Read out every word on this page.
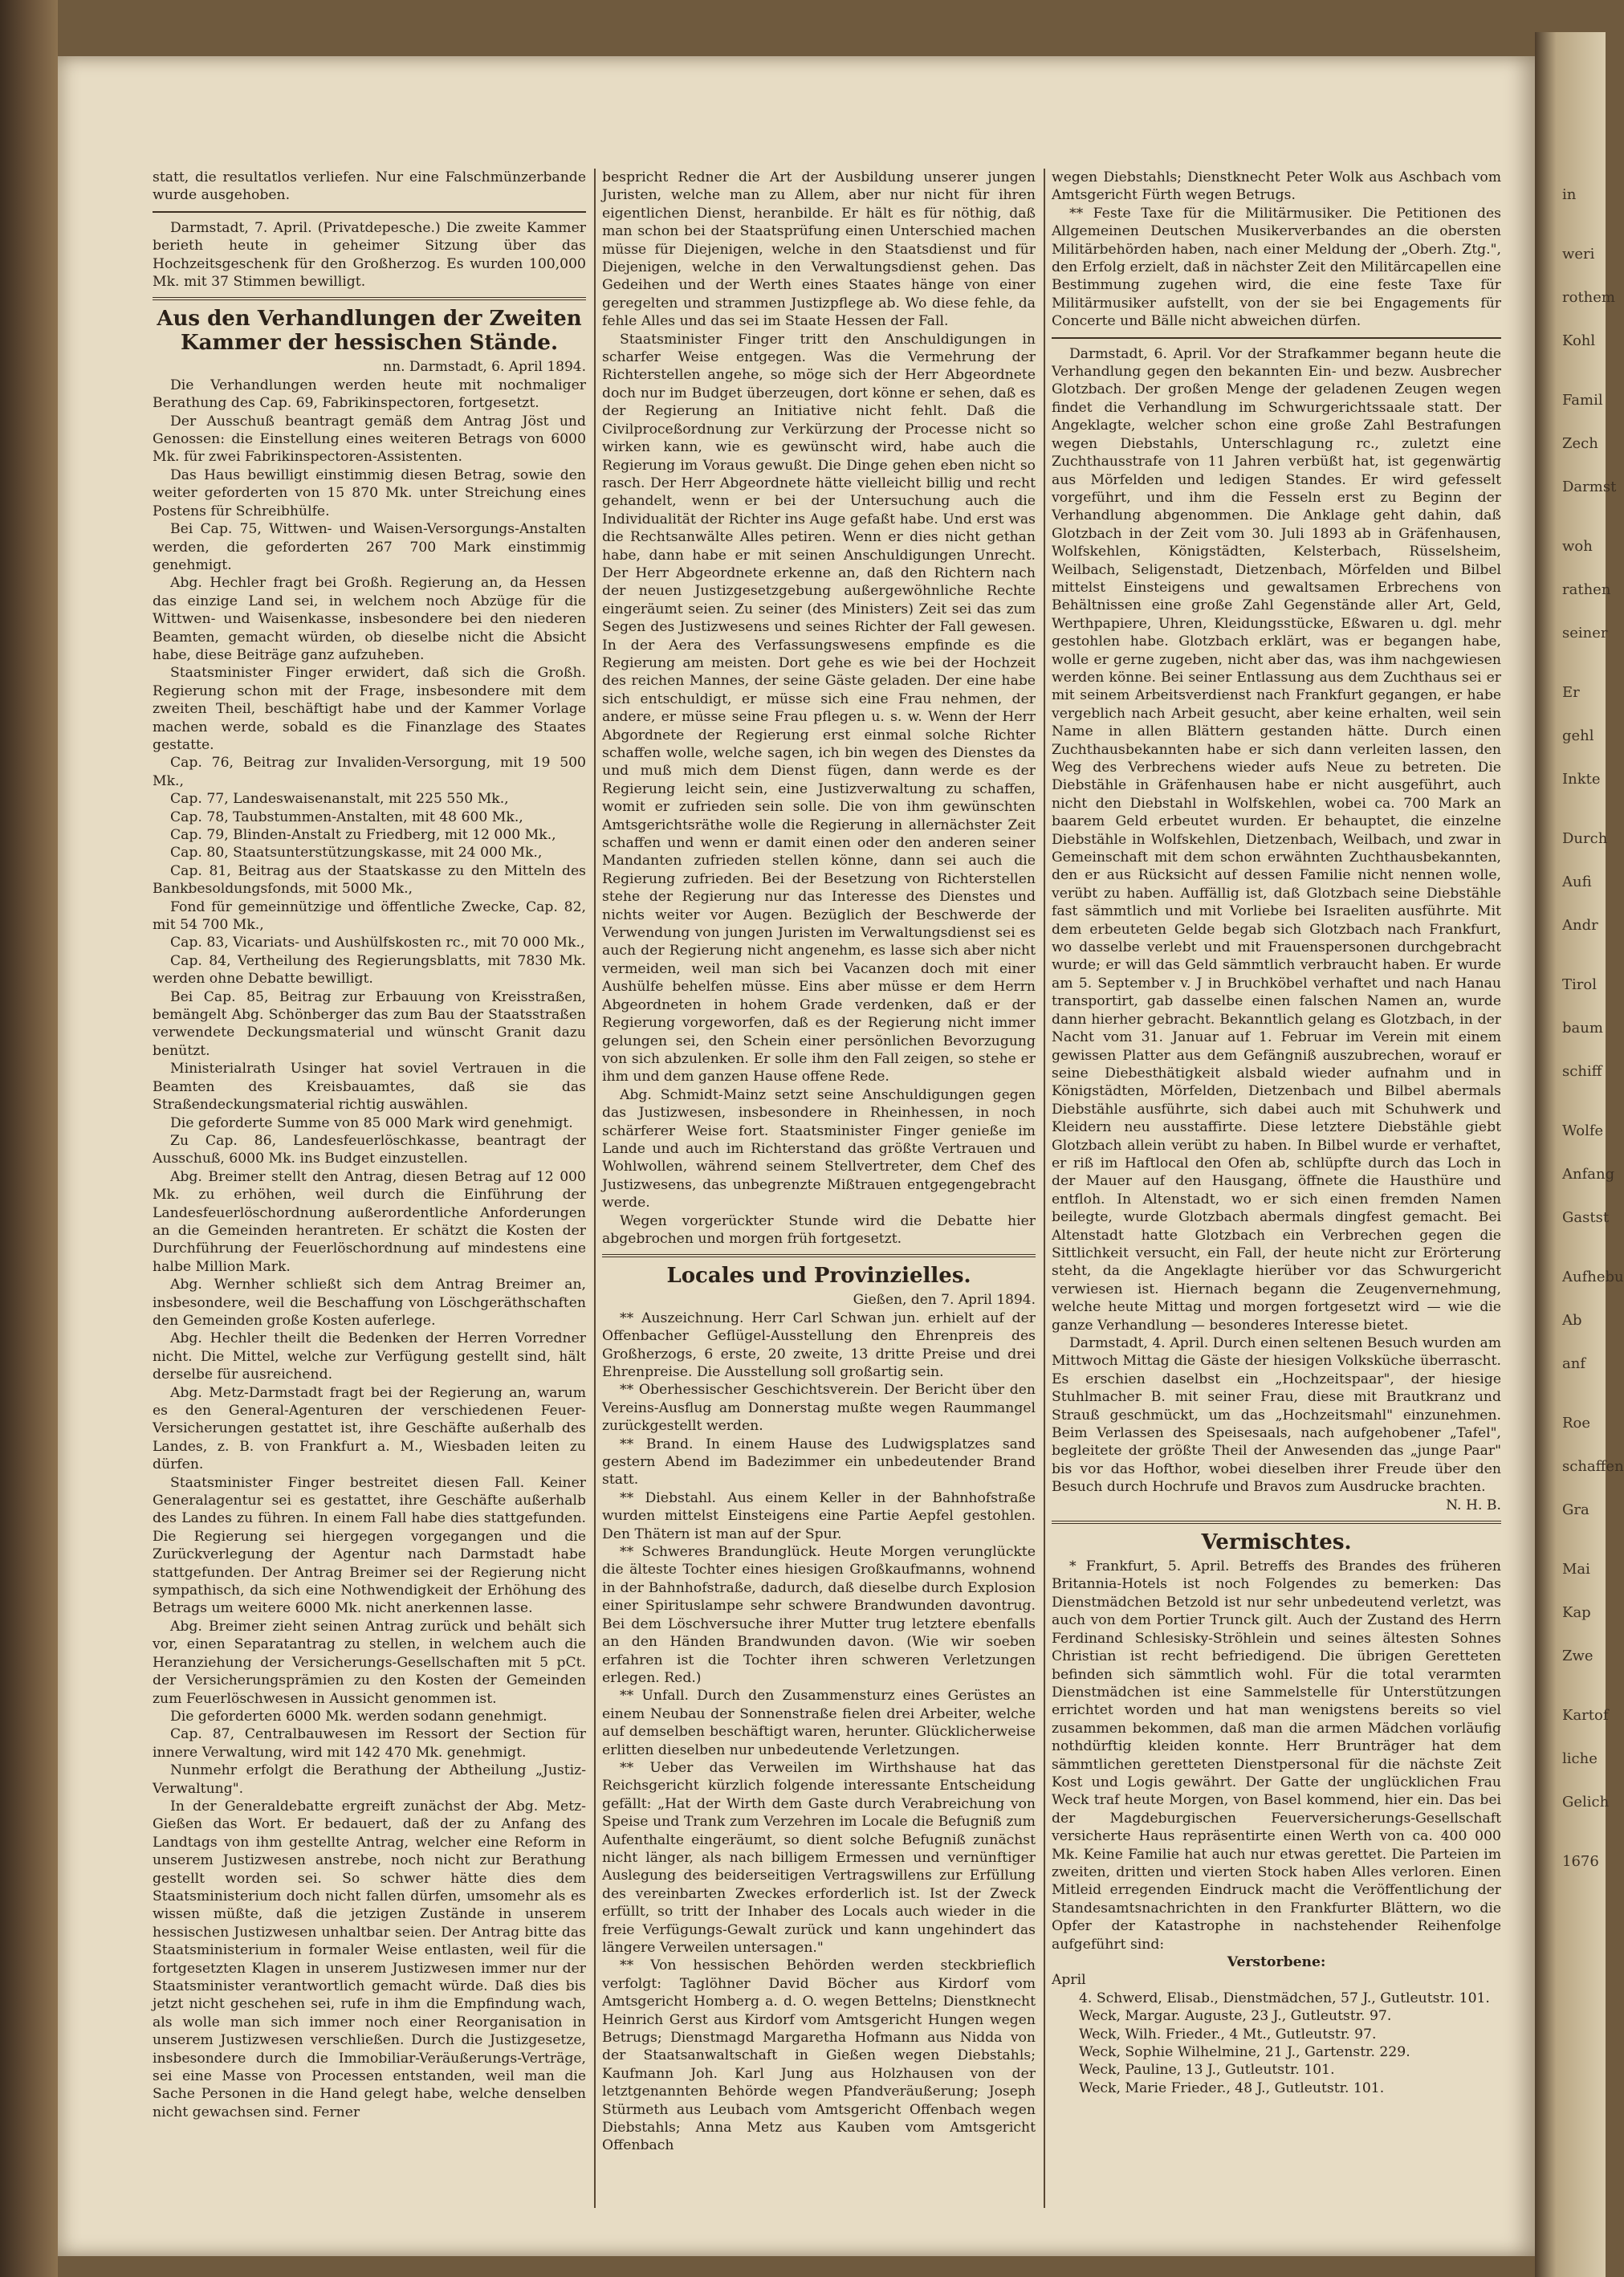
statt, die resultatlos verliefen. Nur eine Falschmünzerbande wurde ausgehoben.

Darmstadt, 7. April. (Privatdepesche.) Die zweite Kammer berieth heute in geheimer Sitzung über das Hochzeitsgeschenk für den Großherzog. Es wurden 100,000 Mk. mit 37 Stimmen bewilligt.

Aus den Verhandlungen der Zweiten Kammer der hessischen Stände.

nn. Darmstadt, 6. April 1894.

Die Verhandlungen werden heute mit nochmaliger Berathung des Cap. 69, Fabrikinspectoren, fortgesetzt.

Der Ausschuß beantragt gemäß dem Antrag Jöst und Genossen: die Einstellung eines weiteren Betrags von 6000 Mk. für zwei Fabrikinspectoren-Assistenten.

Das Haus bewilligt einstimmig diesen Betrag, sowie den weiter geforderten von 15 870 Mk. unter Streichung eines Postens für Schreibhülfe.

Bei Cap. 75, Wittwen- und Waisen-Versorgungs-Anstalten werden, die geforderten 267 700 Mark einstimmig genehmigt.

Abg. Hechler fragt bei Großh. Regierung an, da Hessen das einzige Land sei, in welchem noch Abzüge für die Wittwen- und Waisenkasse, insbesondere bei den niederen Beamten, gemacht würden, ob dieselbe nicht die Absicht habe, diese Beiträge ganz aufzuheben.

Staatsminister Finger erwidert, daß sich die Großh. Regierung schon mit der Frage, insbesondere mit dem zweiten Theil, beschäftigt habe und der Kammer Vorlage machen werde, sobald es die Finanzlage des Staates gestatte.

Cap. 76, Beitrag zur Invaliden-Versorgung, mit 19 500 Mk.,

Cap. 77, Landeswaisenanstalt, mit 225 550 Mk.,

Cap. 78, Taubstummen-Anstalten, mit 48 600 Mk.,

Cap. 79, Blinden-Anstalt zu Friedberg, mit 12 000 Mk.,

Cap. 80, Staatsunterstützungskasse, mit 24 000 Mk.,

Cap. 81, Beitrag aus der Staatskasse zu den Mitteln des Bankbesoldungsfonds, mit 5000 Mk.,

Fond für gemeinnützige und öffentliche Zwecke, Cap. 82, mit 54 700 Mk.,

Cap. 83, Vicariats- und Aushülfskosten rc., mit 70 000 Mk.,

Cap. 84, Vertheilung des Regierungsblatts, mit 7830 Mk. werden ohne Debatte bewilligt.

Bei Cap. 85, Beitrag zur Erbauung von Kreisstraßen, bemängelt Abg. Schönberger das zum Bau der Staatsstraßen verwendete Deckungsmaterial und wünscht Granit dazu benützt.

Ministerialrath Usinger hat soviel Vertrauen in die Beamten des Kreisbauamtes, daß sie das Straßendeckungsmaterial richtig auswählen.

Die geforderte Summe von 85 000 Mark wird genehmigt.

Zu Cap. 86, Landesfeuerlöschkasse, beantragt der Ausschuß, 6000 Mk. ins Budget einzustellen.

Abg. Breimer stellt den Antrag, diesen Betrag auf 12 000 Mk. zu erhöhen, weil durch die Einführung der Landesfeuerlöschordnung außerordentliche Anforderungen an die Gemeinden herantreten. Er schätzt die Kosten der Durchführung der Feuerlöschordnung auf mindestens eine halbe Million Mark.

Abg. Wernher schließt sich dem Antrag Breimer an, insbesondere, weil die Beschaffung von Löschgeräthschaften den Gemeinden große Kosten auferlege.

Abg. Hechler theilt die Bedenken der Herren Vorredner nicht. Die Mittel, welche zur Verfügung gestellt sind, hält derselbe für ausreichend.

Abg. Metz-Darmstadt fragt bei der Regierung an, warum es den General-Agenturen der verschiedenen Feuer-Versicherungen gestattet ist, ihre Geschäfte außerhalb des Landes, z. B. von Frankfurt a. M., Wiesbaden leiten zu dürfen.

Staatsminister Finger bestreitet diesen Fall. Keiner Generalagentur sei es gestattet, ihre Geschäfte außerhalb des Landes zu führen. In einem Fall habe dies stattgefunden. Die Regierung sei hiergegen vorgegangen und die Zurückverlegung der Agentur nach Darmstadt habe stattgefunden. Der Antrag Breimer sei der Regierung nicht sympathisch, da sich eine Nothwendigkeit der Erhöhung des Betrags um weitere 6000 Mk. nicht anerkennen lasse.

Abg. Breimer zieht seinen Antrag zurück und behält sich vor, einen Separatantrag zu stellen, in welchem auch die Heranziehung der Versicherungs-Gesellschaften mit 5 pCt. der Versicherungsprämien zu den Kosten der Gemeinden zum Feuerlöschwesen in Aussicht genommen ist.

Die geforderten 6000 Mk. werden sodann genehmigt.

Cap. 87, Centralbauwesen im Ressort der Section für innere Verwaltung, wird mit 142 470 Mk. genehmigt.

Nunmehr erfolgt die Berathung der Abtheilung „Justiz-Verwaltung".

In der Generaldebatte ergreift zunächst der Abg. Metz-Gießen das Wort. Er bedauert, daß der zu Anfang des Landtags von ihm gestellte Antrag, welcher eine Reform in unserem Justizwesen anstrebe, noch nicht zur Berathung gestellt worden sei. So schwer hätte dies dem Staatsministerium doch nicht fallen dürfen, umsomehr als es wissen müßte, daß die jetzigen Zustände in unserem hessischen Justizwesen unhaltbar seien. Der Antrag bitte das Staatsministerium in formaler Weise entlasten, weil für die fortgesetzten Klagen in unserem Justizwesen immer nur der Staatsminister verantwortlich gemacht würde. Daß dies bis jetzt nicht geschehen sei, rufe in ihm die Empfindung wach, als wolle man sich immer noch einer Reorganisation in unserem Justizwesen verschließen. Durch die Justizgesetze, insbesondere durch die Immobiliar-Veräußerungs-Verträge, sei eine Masse von Processen entstanden, weil man die Sache Personen in die Hand gelegt habe, welche denselben nicht gewachsen sind. Ferner

bespricht Redner die Art der Ausbildung unserer jungen Juristen, welche man zu Allem, aber nur nicht für ihren eigentlichen Dienst, heranbilde. Er hält es für nöthig, daß man schon bei der Staatsprüfung einen Unterschied machen müsse für Diejenigen, welche in den Staatsdienst und für Diejenigen, welche in den Verwaltungsdienst gehen. Das Gedeihen und der Werth eines Staates hänge von einer geregelten und strammen Justizpflege ab. Wo diese fehle, da fehle Alles und das sei im Staate Hessen der Fall.

Staatsminister Finger tritt den Anschuldigungen in scharfer Weise entgegen. Was die Vermehrung der Richterstellen angehe, so möge sich der Herr Abgeordnete doch nur im Budget überzeugen, dort könne er sehen, daß es der Regierung an Initiative nicht fehlt. Daß die Civilproceßordnung zur Verkürzung der Processe nicht so wirken kann, wie es gewünscht wird, habe auch die Regierung im Voraus gewußt. Die Dinge gehen eben nicht so rasch. Der Herr Abgeordnete hätte vielleicht billig und recht gehandelt, wenn er bei der Untersuchung auch die Individualität der Richter ins Auge gefaßt habe. Und erst was die Rechtsanwälte Alles petiren. Wenn er dies nicht gethan habe, dann habe er mit seinen Anschuldigungen Unrecht. Der Herr Abgeordnete erkenne an, daß den Richtern nach der neuen Justizgesetzgebung außergewöhnliche Rechte eingeräumt seien. Zu seiner (des Ministers) Zeit sei das zum Segen des Justizwesens und seines Richter der Fall gewesen. In der Aera des Verfassungswesens empfinde es die Regierung am meisten. Dort gehe es wie bei der Hochzeit des reichen Mannes, der seine Gäste geladen. Der eine habe sich entschuldigt, er müsse sich eine Frau nehmen, der andere, er müsse seine Frau pflegen u. s. w. Wenn der Herr Abgordnete der Regierung erst einmal solche Richter schaffen wolle, welche sagen, ich bin wegen des Dienstes da und muß mich dem Dienst fügen, dann werde es der Regierung leicht sein, eine Justizverwaltung zu schaffen, womit er zufrieden sein solle. Die von ihm gewünschten Amtsgerichtsräthe wolle die Regierung in allernächster Zeit schaffen und wenn er damit einen oder den anderen seiner Mandanten zufrieden stellen könne, dann sei auch die Regierung zufrieden. Bei der Besetzung von Richterstellen stehe der Regierung nur das Interesse des Dienstes und nichts weiter vor Augen. Bezüglich der Beschwerde der Verwendung von jungen Juristen im Verwaltungsdienst sei es auch der Regierung nicht angenehm, es lasse sich aber nicht vermeiden, weil man sich bei Vacanzen doch mit einer Aushülfe behelfen müsse. Eins aber müsse er dem Herrn Abgeordneten in hohem Grade verdenken, daß er der Regierung vorgeworfen, daß es der Regierung nicht immer gelungen sei, den Schein einer persönlichen Bevorzugung von sich abzulenken. Er solle ihm den Fall zeigen, so stehe er ihm und dem ganzen Hause offene Rede.

Abg. Schmidt-Mainz setzt seine Anschuldigungen gegen das Justizwesen, insbesondere in Rheinhessen, in noch schärferer Weise fort. Staatsminister Finger genieße im Lande und auch im Richterstand das größte Vertrauen und Wohlwollen, während seinem Stellvertreter, dem Chef des Justizwesens, das unbegrenzte Mißtrauen entgegengebracht werde.

Wegen vorgerückter Stunde wird die Debatte hier abgebrochen und morgen früh fortgesetzt.

Locales und Provinzielles.

Gießen, den 7. April 1894.

** Auszeichnung. Herr Carl Schwan jun. erhielt auf der Offenbacher Geflügel-Ausstellung den Ehrenpreis des Großherzogs, 6 erste, 20 zweite, 13 dritte Preise und drei Ehrenpreise. Die Ausstellung soll großartig sein.

** Oberhessischer Geschichtsverein. Der Bericht über den Vereins-Ausflug am Donnerstag mußte wegen Raummangel zurückgestellt werden.

** Brand. In einem Hause des Ludwigsplatzes sand gestern Abend im Badezimmer ein unbedeutender Brand statt.

** Diebstahl. Aus einem Keller in der Bahnhofstraße wurden mittelst Einsteigens eine Partie Aepfel gestohlen. Den Thätern ist man auf der Spur.

** Schweres Brandunglück. Heute Morgen verunglückte die älteste Tochter eines hiesigen Großkaufmanns, wohnend in der Bahnhofstraße, dadurch, daß dieselbe durch Explosion einer Spirituslampe sehr schwere Brandwunden davontrug. Bei dem Löschversuche ihrer Mutter trug letztere ebenfalls an den Händen Brandwunden davon. (Wie wir soeben erfahren ist die Tochter ihren schweren Verletzungen erlegen. Red.)

** Unfall. Durch den Zusammensturz eines Gerüstes an einem Neubau der Sonnenstraße fielen drei Arbeiter, welche auf demselben beschäftigt waren, herunter. Glücklicherweise erlitten dieselben nur unbedeutende Verletzungen.

** Ueber das Verweilen im Wirthshause hat das Reichsgericht kürzlich folgende interessante Entscheidung gefällt: „Hat der Wirth dem Gaste durch Verabreichung von Speise und Trank zum Verzehren im Locale die Befugniß zum Aufenthalte eingeräumt, so dient solche Befugniß zunächst nicht länger, als nach billigem Ermessen und vernünftiger Auslegung des beiderseitigen Vertragswillens zur Erfüllung des vereinbarten Zweckes erforderlich ist. Ist der Zweck erfüllt, so tritt der Inhaber des Locals auch wieder in die freie Verfügungs-Gewalt zurück und kann ungehindert das längere Verweilen untersagen."

** Von hessischen Behörden werden steckbrieflich verfolgt: Taglöhner David Böcher aus Kirdorf vom Amtsgericht Homberg a. d. O. wegen Bettelns; Dienstknecht Heinrich Gerst aus Kirdorf vom Amtsgericht Hungen wegen Betrugs; Dienstmagd Margaretha Hofmann aus Nidda von der Staatsanwaltschaft in Gießen wegen Diebstahls; Kaufmann Joh. Karl Jung aus Holzhausen von der letztgenannten Behörde wegen Pfandveräußerung; Joseph Stürmeth aus Leubach vom Amtsgericht Offenbach wegen Diebstahls; Anna Metz aus Kauben vom Amtsgericht Offenbach

wegen Diebstahls; Dienstknecht Peter Wolk aus Aschbach vom Amtsgericht Fürth wegen Betrugs.

** Feste Taxe für die Militärmusiker. Die Petitionen des Allgemeinen Deutschen Musikerverbandes an die obersten Militärbehörden haben, nach einer Meldung der „Oberh. Ztg.", den Erfolg erzielt, daß in nächster Zeit den Militärcapellen eine Bestimmung zugehen wird, die eine feste Taxe für Militärmusiker aufstellt, von der sie bei Engagements für Concerte und Bälle nicht abweichen dürfen.

Darmstadt, 6. April. Vor der Strafkammer begann heute die Verhandlung gegen den bekannten Ein- und bezw. Ausbrecher Glotzbach. Der großen Menge der geladenen Zeugen wegen findet die Verhandlung im Schwurgerichtssaale statt. Der Angeklagte, welcher schon eine große Zahl Bestrafungen wegen Diebstahls, Unterschlagung rc., zuletzt eine Zuchthausstrafe von 11 Jahren verbüßt hat, ist gegenwärtig aus Mörfelden und ledigen Standes. Er wird gefesselt vorgeführt, und ihm die Fesseln erst zu Beginn der Verhandlung abgenommen. Die Anklage geht dahin, daß Glotzbach in der Zeit vom 30. Juli 1893 ab in Gräfenhausen, Wolfskehlen, Königstädten, Kelsterbach, Rüsselsheim, Weilbach, Seligenstadt, Dietzenbach, Mörfelden und Bilbel mittelst Einsteigens und gewaltsamen Erbrechens von Behältnissen eine große Zahl Gegenstände aller Art, Geld, Werthpapiere, Uhren, Kleidungsstücke, Eßwaren u. dgl. mehr gestohlen habe. Glotzbach erklärt, was er begangen habe, wolle er gerne zugeben, nicht aber das, was ihm nachgewiesen werden könne. Bei seiner Entlassung aus dem Zuchthaus sei er mit seinem Arbeitsverdienst nach Frankfurt gegangen, er habe vergeblich nach Arbeit gesucht, aber keine erhalten, weil sein Name in allen Blättern gestanden hätte. Durch einen Zuchthausbekannten habe er sich dann verleiten lassen, den Weg des Verbrechens wieder aufs Neue zu betreten. Die Diebstähle in Gräfenhausen habe er nicht ausgeführt, auch nicht den Diebstahl in Wolfskehlen, wobei ca. 700 Mark an baarem Geld erbeutet wurden. Er behauptet, die einzelne Diebstähle in Wolfskehlen, Dietzenbach, Weilbach, und zwar in Gemeinschaft mit dem schon erwähnten Zuchthausbekannten, den er aus Rücksicht auf dessen Familie nicht nennen wolle, verübt zu haben. Auffällig ist, daß Glotzbach seine Diebstähle fast sämmtlich und mit Vorliebe bei Israeliten ausführte. Mit dem erbeuteten Gelde begab sich Glotzbach nach Frankfurt, wo dasselbe verlebt und mit Frauenspersonen durchgebracht wurde; er will das Geld sämmtlich verbraucht haben. Er wurde am 5. September v. J in Bruchköbel verhaftet und nach Hanau transportirt, gab dasselbe einen falschen Namen an, wurde dann hierher gebracht. Bekanntlich gelang es Glotzbach, in der Nacht vom 31. Januar auf 1. Februar im Verein mit einem gewissen Platter aus dem Gefängniß auszubrechen, worauf er seine Diebesthätigkeit alsbald wieder aufnahm und in Königstädten, Mörfelden, Dietzenbach und Bilbel abermals Diebstähle ausführte, sich dabei auch mit Schuhwerk und Kleidern neu ausstaffirte. Diese letztere Diebstähle giebt Glotzbach allein verübt zu haben. In Bilbel wurde er verhaftet, er riß im Haftlocal den Ofen ab, schlüpfte durch das Loch in der Mauer auf den Hausgang, öffnete die Hausthüre und entfloh. In Altenstadt, wo er sich einen fremden Namen beilegte, wurde Glotzbach abermals dingfest gemacht. Bei Altenstadt hatte Glotzbach ein Verbrechen gegen die Sittlichkeit versucht, ein Fall, der heute nicht zur Erörterung steht, da die Angeklagte hierüber vor das Schwurgericht verwiesen ist. Hiernach begann die Zeugenvernehmung, welche heute Mittag und morgen fortgesetzt wird — wie die ganze Verhandlung — besonderes Interesse bietet.

Darmstadt, 4. April. Durch einen seltenen Besuch wurden am Mittwoch Mittag die Gäste der hiesigen Volksküche überrascht. Es erschien daselbst ein „Hochzeitspaar", der hiesige Stuhlmacher B. mit seiner Frau, diese mit Brautkranz und Strauß geschmückt, um das „Hochzeitsmahl" einzunehmen. Beim Verlassen des Speisesaals, nach aufgehobener „Tafel", begleitete der größte Theil der Anwesenden das „junge Paar" bis vor das Hofthor, wobei dieselben ihrer Freude über den Besuch durch Hochrufe und Bravos zum Ausdrucke brachten.

N. H. B.

Vermischtes.

* Frankfurt, 5. April. Betreffs des Brandes des früheren Britannia-Hotels ist noch Folgendes zu bemerken: Das Dienstmädchen Betzold ist nur sehr unbedeutend verletzt, was auch von dem Portier Trunck gilt. Auch der Zustand des Herrn Ferdinand Schlesisky-Ströhlein und seines ältesten Sohnes Christian ist recht befriedigend. Die übrigen Geretteten befinden sich sämmtlich wohl. Für die total verarmten Dienstmädchen ist eine Sammelstelle für Unterstützungen errichtet worden und hat man wenigstens bereits so viel zusammen bekommen, daß man die armen Mädchen vorläufig nothdürftig kleiden konnte. Herr Brunträger hat dem sämmtlichen geretteten Dienstpersonal für die nächste Zeit Kost und Logis gewährt. Der Gatte der unglücklichen Frau Weck traf heute Morgen, von Basel kommend, hier ein. Das bei der Magdeburgischen Feuerversicherungs-Gesellschaft versicherte Haus repräsentirte einen Werth von ca. 400 000 Mk. Keine Familie hat auch nur etwas gerettet. Die Parteien im zweiten, dritten und vierten Stock haben Alles verloren. Einen Mitleid erregenden Eindruck macht die Veröffentlichung der Standesamtsnachrichten in den Frankfurter Blättern, wo die Opfer der Katastrophe in nachstehender Reihenfolge aufgeführt sind:

Verstorbene:

April

4. Schwerd, Elisab., Dienstmädchen, 57 J., Gutleutstr. 101.

Weck, Margar. Auguste, 23 J., Gutleutstr. 97.

Weck, Wilh. Frieder., 4 Mt., Gutleutstr. 97.

Weck, Sophie Wilhelmine, 21 J., Gartenstr. 229.

Weck, Pauline, 13 J., Gutleutstr. 101.

Weck, Marie Frieder., 48 J., Gutleutstr. 101.

in
weri
rothem
Kohl
Famil
Zech
Darmst
woh
rathen
seiner
Er
gehl
Inkte
Durch
Aufi
Andr
Tirol
baum
schiff
Wolfe
Anfang
Gastst
Aufhebu
Ab
anf
Roe
schaffen
Gra
Mai
Kap
Zwe
Kartof
liche
Gelich
1676
